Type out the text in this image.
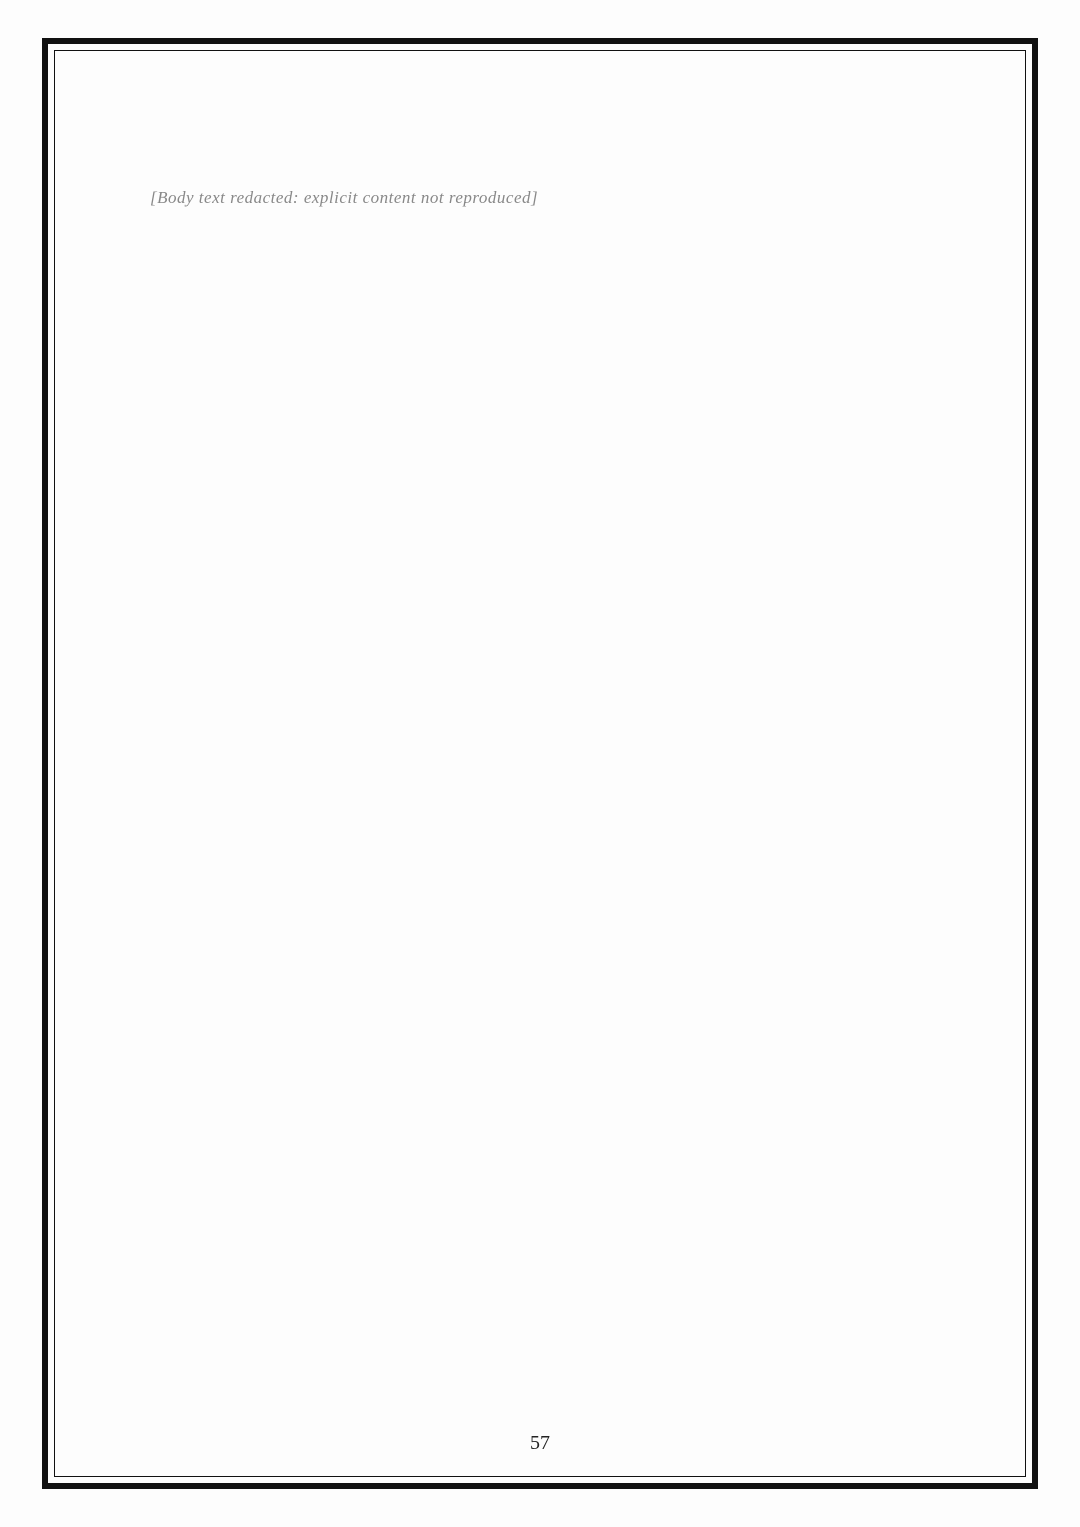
[Body text redacted: explicit content not reproduced]

57
